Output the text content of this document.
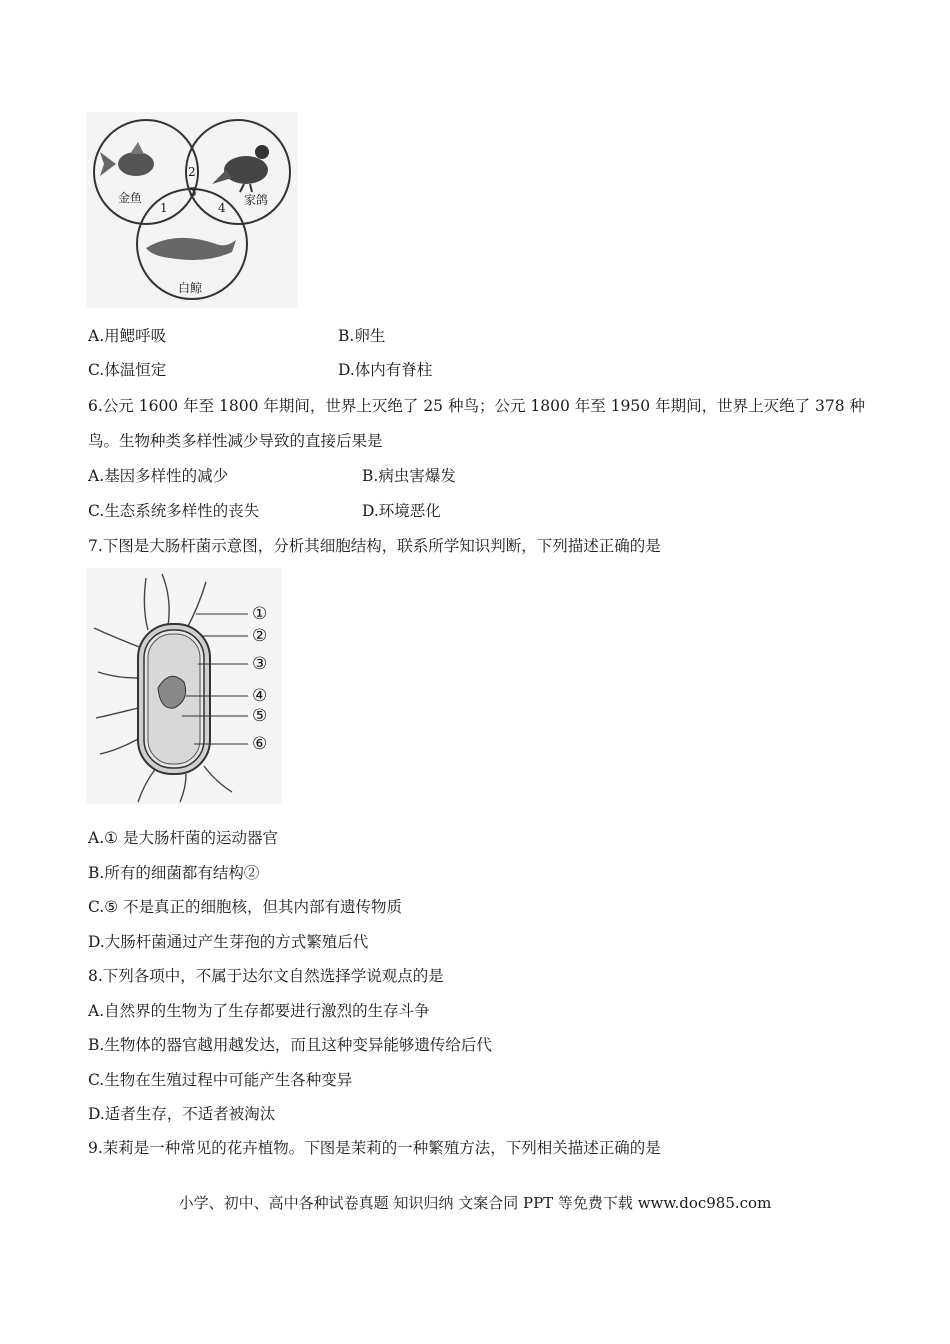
1
2
3
4
金鱼	家鸽
白鲸
A.用鳃呼吸	B.卵生
C.体温恒定	D.体内有脊柱
6.公元 1600 年至 1800 年期间，世界上灭绝了 25 种鸟；公元 1800 年至 1950 年期间，世界上灭绝了 378 种
鸟。生物种类多样性减少导致的直接后果是
A.基因多样性的减少	B.病虫害爆发
C.生态系统多样性的丧失	D.环境恶化
7.下图是大肠杆菌示意图，分析其细胞结构，联系所学知识判断，下列描述正确的是
①
②
③
④
⑤
⑥
A.① 是大肠杆菌的运动器官
B.所有的细菌都有结构②
C.⑤ 不是真正的细胞核，但其内部有遗传物质
D.大肠杆菌通过产生芽孢的方式繁殖后代
8.下列各项中，不属于达尔文自然选择学说观点的是
A.自然界的生物为了生存都要进行激烈的生存斗争
B.生物体的器官越用越发达，而且这种变异能够遗传给后代
C.生物在生殖过程中可能产生各种变异
D.适者生存，不适者被淘汰
9.茉莉是一种常见的花卉植物。下图是茉莉的一种繁殖方法，下列相关描述正确的是
小学、初中、高中各种试卷真题 知识归纳 文案合同 PPT 等免费下载 www.doc985.com
